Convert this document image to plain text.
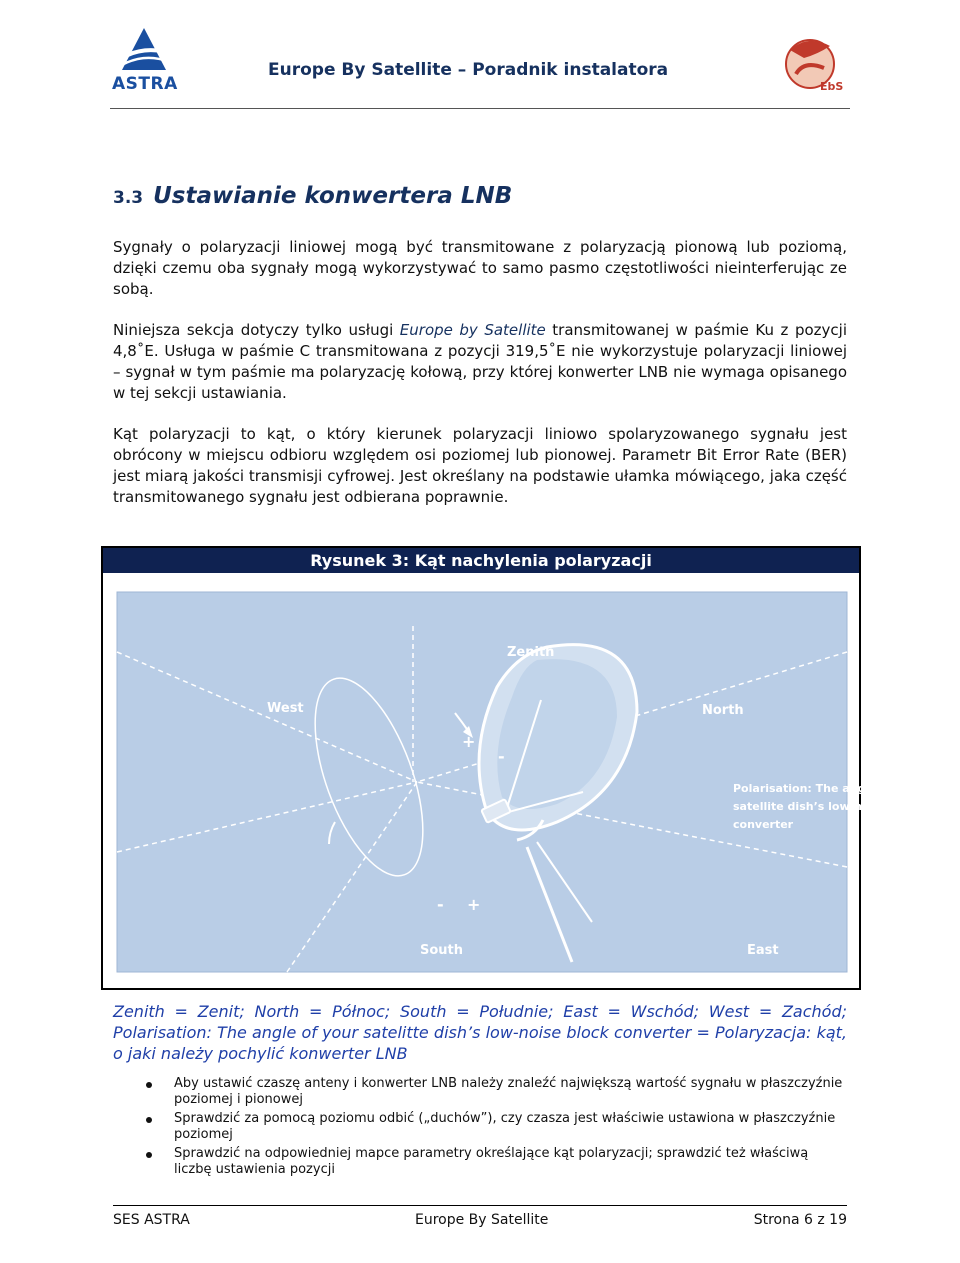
ASTRA
Europe By Satellite – Poradnik instalatora
EbS
3.3 Ustawianie konwertera LNB
Sygnały o polaryzacji liniowej mogą być transmitowane z polaryzacją pionową lub poziomą, dzięki czemu oba sygnały mogą wykorzystywać to samo pasmo częstotliwości nieinterferując ze sobą.
Niniejsza sekcja dotyczy tylko usługi Europe by Satellite transmitowanej w paśmie Ku z pozycji 4,8˚E. Usługa w paśmie C transmitowana z pozycji 319,5˚E nie wykorzystuje polaryzacji liniowej – sygnał w tym paśmie ma polaryzację kołową, przy której konwerter LNB nie wymaga opisanego w tej sekcji ustawiania.
Kąt polaryzacji to kąt, o który kierunek polaryzacji liniowo spolaryzowanego sygnału jest obrócony w miejscu odbioru względem osi poziomej lub pionowej. Parametr Bit Error Rate (BER) jest miarą jakości transmisji cyfrowej. Jest określany na podstawie ułamka mówiącego, jaka część transmitowanego sygnału jest odbierana poprawnie.
Rysunek 3: Kąt nachylenia polaryzacji
Zenith
West	North
South	East
+
-
- +
Polarisation: The angle of your
satellite dish’s low-noise block
converter
Zenith = Zenit; North = Północ; South = Południe; East = Wschód; West = Zachód; Polarisation: The angle of your satelitte dish’s low-noise block converter = Polaryzacja: kąt, o jaki należy pochylić konwerter LNB
Aby ustawić czaszę anteny i konwerter LNB należy znaleźć największą wartość sygnału w płaszczyźnie poziomej i pionowej
Sprawdzić za pomocą poziomu odbić („duchów”), czy czasza jest właściwie ustawiona w płaszczyźnie poziomej
Sprawdzić na odpowiedniej mapce parametry określające kąt polaryzacji; sprawdzić też właściwą liczbę ustawienia pozycji
SES ASTRA	Europe By Satellite	Strona 6 z 19
